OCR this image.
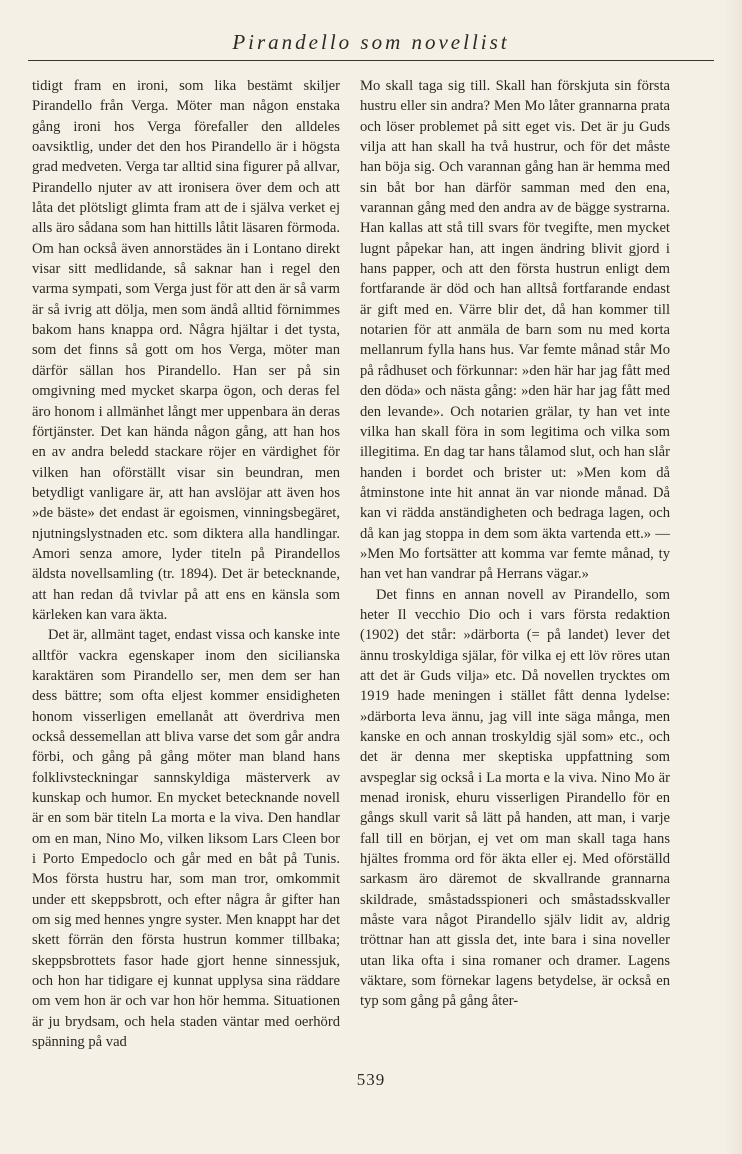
Pirandello som novellist

tidigt fram en ironi, som lika bestämt skiljer Pirandello från Verga. Möter man någon enstaka gång ironi hos Verga förefaller den alldeles oavsiktlig, under det den hos Pirandello är i högsta grad medveten. Verga tar alltid sina figurer på allvar, Pirandello njuter av att ironisera över dem och att låta det plötsligt glimta fram att de i själva verket ej alls äro sådana som han hittills låtit läsaren förmoda. Om han också även annorstädes än i Lontano direkt visar sitt medlidande, så saknar han i regel den varma sympati, som Verga just för att den är så varm är så ivrig att dölja, men som ändå alltid förnimmes bakom hans knappa ord. Några hjältar i det tysta, som det finns så gott om hos Verga, möter man därför sällan hos Pirandello. Han ser på sin omgivning med mycket skarpa ögon, och deras fel äro honom i allmänhet långt mer uppenbara än deras förtjänster. Det kan hända någon gång, att han hos en av andra beledd stackare röjer en värdighet för vilken han oförställt visar sin beundran, men betydligt vanligare är, att han avslöjar att även hos »de bäste» det endast är egoismen, vinningsbegäret, njutningslystnaden etc. som diktera alla handlingar. Amori senza amore, lyder titeln på Pirandellos äldsta novellsamling (tr. 1894). Det är betecknande, att han redan då tvivlar på att ens en känsla som kärleken kan vara äkta.

Det är, allmänt taget, endast vissa och kanske inte alltför vackra egenskaper inom den sicilianska karaktären som Pirandello ser, men dem ser han dess bättre; som ofta eljest kommer ensidigheten honom visserligen emellanåt att överdriva men också dessemellan att bliva varse det som går andra förbi, och gång på gång möter man bland hans folklivsteckningar sannskyldiga mästerverk av kunskap och humor. En mycket betecknande novell är en som bär titeln La morta e la viva. Den handlar om en man, Nino Mo, vilken liksom Lars Cleen bor i Porto Empedoclo och går med en båt på Tunis. Mos första hustru har, som man tror, omkommit under ett skeppsbrott, och efter några år gifter han om sig med hennes yngre syster. Men knappt har det skett förrän den första hustrun kommer tillbaka; skeppsbrottets fasor hade gjort henne sinnessjuk, och hon har tidigare ej kunnat upplysa sina räddare om vem hon är och var hon hör hemma. Situationen är ju brydsam, och hela staden väntar med oerhörd spänning på vad

Mo skall taga sig till. Skall han förskjuta sin första hustru eller sin andra? Men Mo låter grannarna prata och löser problemet på sitt eget vis. Det är ju Guds vilja att han skall ha två hustrur, och för det måste han böja sig. Och varannan gång han är hemma med sin båt bor han därför samman med den ena, varannan gång med den andra av de bägge systrarna. Han kallas att stå till svars för tvegifte, men mycket lugnt påpekar han, att ingen ändring blivit gjord i hans papper, och att den första hustrun enligt dem fortfarande är död och han alltså fortfarande endast är gift med en. Värre blir det, då han kommer till notarien för att anmäla de barn som nu med korta mellanrum fylla hans hus. Var femte månad står Mo på rådhuset och förkunnar: »den här har jag fått med den döda» och nästa gång: »den här har jag fått med den levande». Och notarien grälar, ty han vet inte vilka han skall föra in som legitima och vilka som illegitima. En dag tar hans tålamod slut, och han slår handen i bordet och brister ut: »Men kom då åtminstone inte hit annat än var nionde månad. Då kan vi rädda anständigheten och bedraga lagen, och då kan jag stoppa in dem som äkta vartenda ett.» — »Men Mo fortsätter att komma var femte månad, ty han vet han vandrar på Herrans vägar.»

Det finns en annan novell av Pirandello, som heter Il vecchio Dio och i vars första redaktion (1902) det står: »därborta (= på landet) lever det ännu troskyldiga själar, för vilka ej ett löv röres utan att det är Guds vilja» etc. Då novellen trycktes om 1919 hade meningen i stället fått denna lydelse: »därborta leva ännu, jag vill inte säga många, men kanske en och annan troskyldig själ som» etc., och det är denna mer skeptiska uppfattning som avspeglar sig också i La morta e la viva. Nino Mo är menad ironisk, ehuru visserligen Pirandello för en gångs skull varit så lätt på handen, att man, i varje fall till en början, ej vet om man skall taga hans hjältes fromma ord för äkta eller ej. Med oförställd sarkasm äro däremot de skvallrande grannarna skildrade, småstadsspioneri och småstadsskvaller måste vara något Pirandello själv lidit av, aldrig tröttnar han att gissla det, inte bara i sina noveller utan lika ofta i sina romaner och dramer. Lagens väktare, som förnekar lagens betydelse, är också en typ som gång på gång åter-

539
